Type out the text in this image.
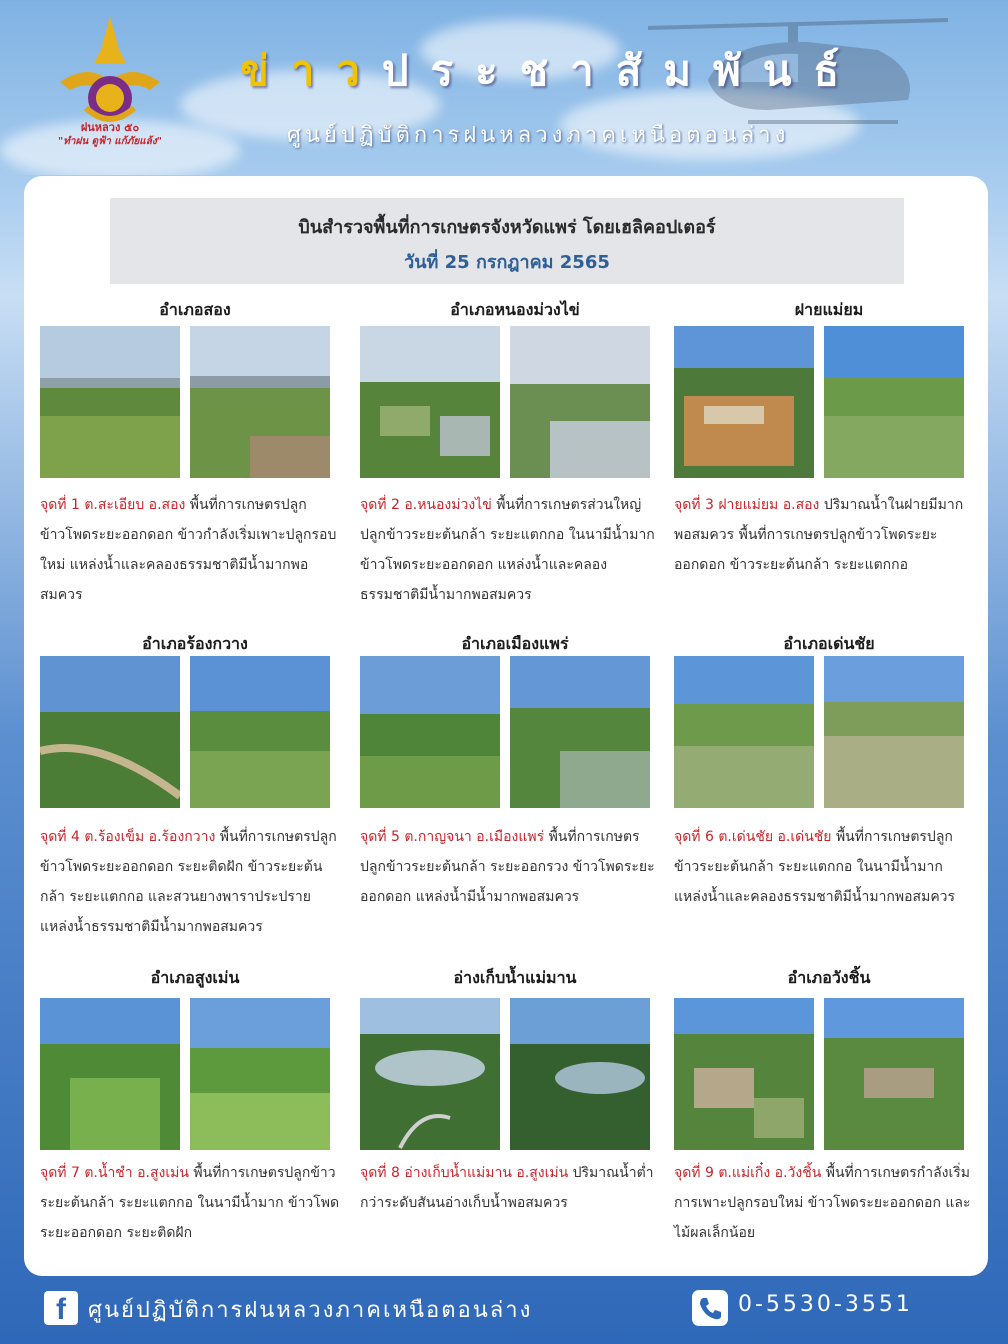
ฝนหลวง ๕๐
"ทำฝน ดูฟ้า แก้ภัยแล้ง"
ข่าวประชาสัมพันธ์
ศูนย์ปฏิบัติการฝนหลวงภาคเหนือตอนล่าง
บินสำรวจพื้นที่การเกษตรจังหวัดแพร่ โดยเฮลิคอปเตอร์
วันที่ 25 กรกฎาคม 2565
อำเภอสอง
จุดที่ 1 ต.สะเอียบ อ.สอง พื้นที่การเกษตรปลูกข้าวโพดระยะออกดอก ข้าวกำลังเริ่มเพาะปลูกรอบใหม่ แหล่งน้ำและคลองธรรมชาติมีน้ำมากพอสมควร
อำเภอหนองม่วงไข่
จุดที่ 2 อ.หนองม่วงไข่ พื้นที่การเกษตรส่วนใหญ่ปลูกข้าวระยะต้นกล้า ระยะแตกกอ ในนามีน้ำมาก ข้าวโพดระยะออกดอก แหล่งน้ำและคลองธรรมชาติมีน้ำมากพอสมควร
ฝายแม่ยม
จุดที่ 3 ฝายแม่ยม อ.สอง ปริมาณน้ำในฝายมีมากพอสมควร พื้นที่การเกษตรปลูกข้าวโพดระยะออกดอก ข้าวระยะต้นกล้า ระยะแตกกอ
อำเภอร้องกวาง
จุดที่ 4 ต.ร้องเข็ม อ.ร้องกวาง พื้นที่การเกษตรปลูกข้าวโพดระยะออกดอก ระยะติดฝัก ข้าวระยะต้นกล้า ระยะแตกกอ และสวนยางพาราประปรายแหล่งน้ำธรรมชาติมีน้ำมากพอสมควร
อำเภอเมืองแพร่
จุดที่ 5 ต.กาญจนา อ.เมืองแพร่ พื้นที่การเกษตรปลูกข้าวระยะต้นกล้า ระยะออกรวง ข้าวโพดระยะออกดอก แหล่งน้ำมีน้ำมากพอสมควร
อำเภอเด่นชัย
จุดที่ 6 ต.เด่นชัย อ.เด่นชัย พื้นที่การเกษตรปลูกข้าวระยะต้นกล้า ระยะแตกกอ ในนามีน้ำมาก แหล่งน้ำและคลองธรรมชาติมีน้ำมากพอสมควร
อำเภอสูงเม่น
จุดที่ 7 ต.น้ำชำ อ.สูงเม่น พื้นที่การเกษตรปลูกข้าวระยะต้นกล้า ระยะแตกกอ ในนามีน้ำมาก ข้าวโพดระยะออกดอก ระยะติดฝัก
อ่างเก็บน้ำแม่มาน
จุดที่ 8 อ่างเก็บน้ำแม่มาน อ.สูงเม่น ปริมาณน้ำต่ำกว่าระดับสันนอ่างเก็บน้ำพอสมควร
อำเภอวังชิ้น
จุดที่ 9 ต.แม่เกิ๋ง อ.วังชิ้น พื้นที่การเกษตรกำลังเริ่มการเพาะปลูกรอบใหม่ ข้าวโพดระยะออกดอก และไม้ผลเล็กน้อย
f	ศูนย์ปฏิบัติการฝนหลวงภาคเหนือตอนล่าง	0-5530-3551
